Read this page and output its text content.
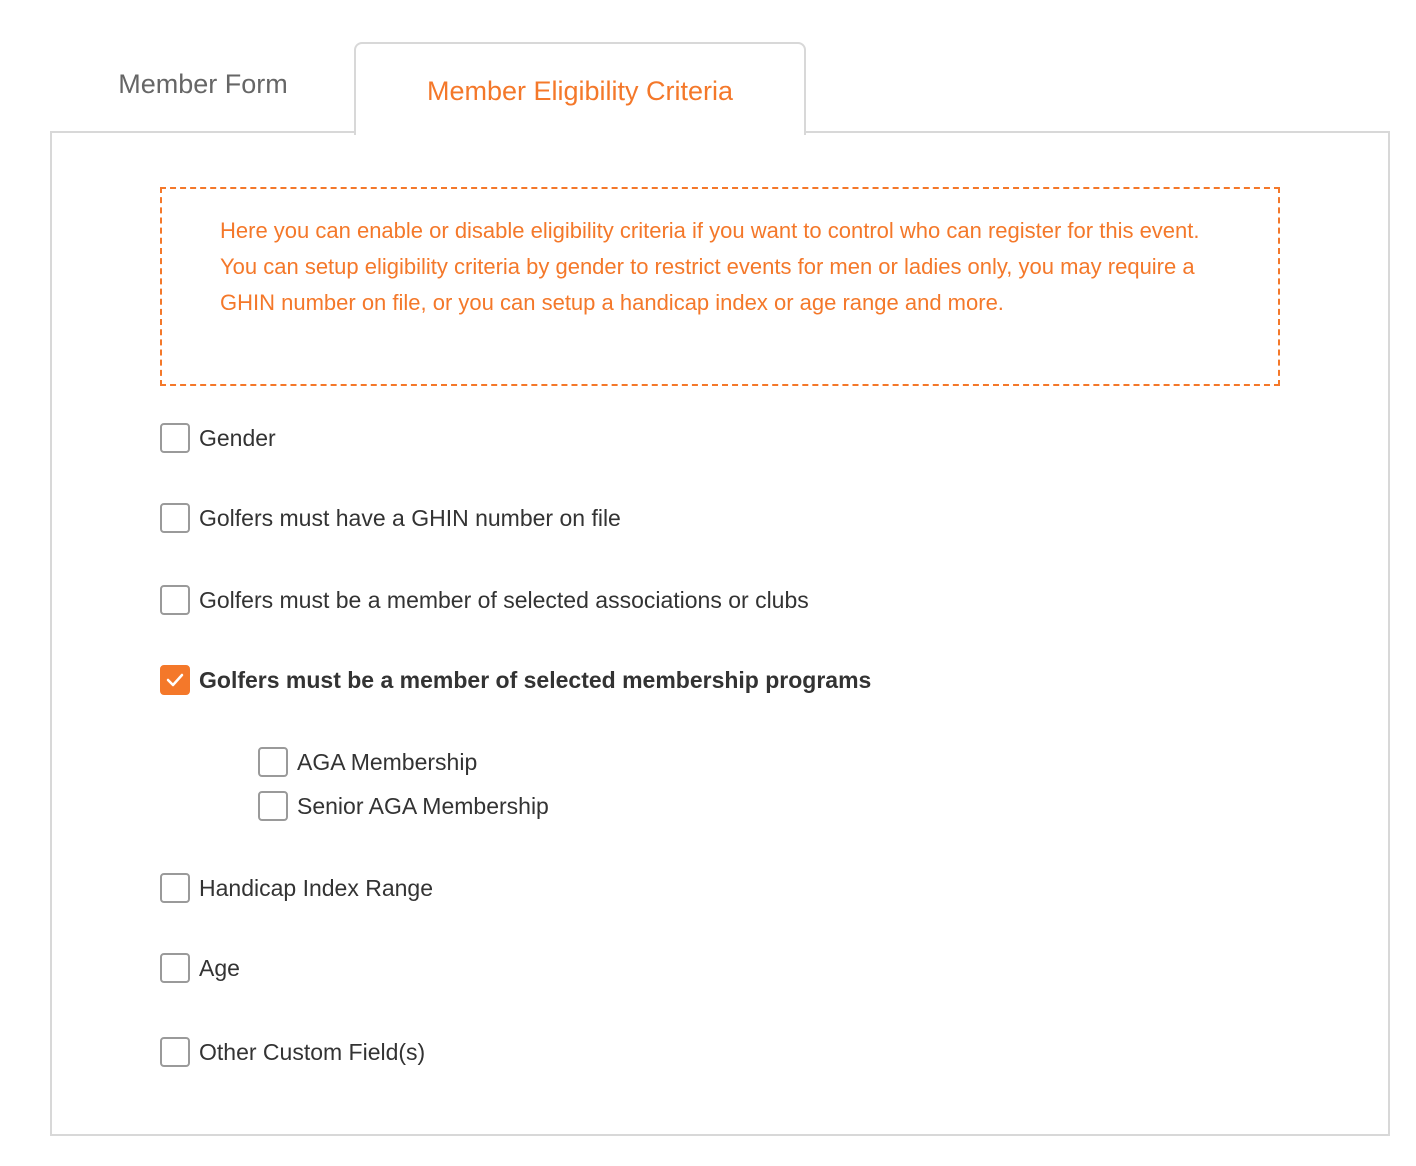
Member Form	Member Eligibility Criteria
Here you can enable or disable eligibility criteria if you want to control who can register for this event. You can setup eligibility criteria by gender to restrict events for men or ladies only, you may require a GHIN number on file, or you can setup a handicap index or age range and more.
Gender
Golfers must have a GHIN number on file
Golfers must be a member of selected associations or clubs
Golfers must be a member of selected membership programs
AGA Membership
Senior AGA Membership
Handicap Index Range
Age
Other Custom Field(s)
